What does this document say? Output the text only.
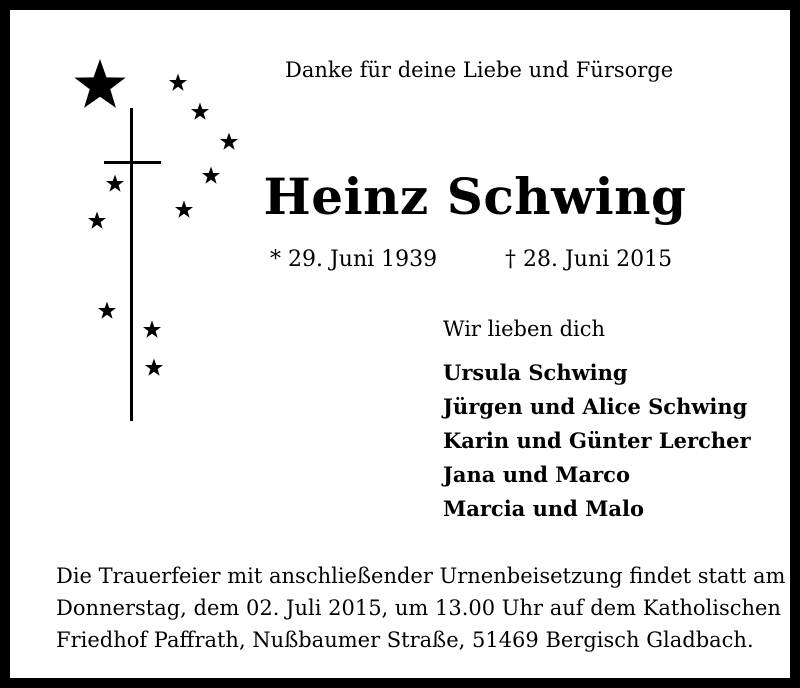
Danke für deine Liebe und Fürsorge
Heinz Schwing
* 29. Juni 1939	† 28. Juni 2015
Wir lieben dich
Ursula Schwing
Jürgen und Alice Schwing
Karin und Günter Lercher
Jana und Marco
Marcia und Malo

Die Trauerfeier mit anschließender Urnenbeisetzung findet statt am
Donnerstag, dem 02. Juli 2015, um 13.00 Uhr auf dem Katholischen
Friedhof Paffrath, Nußbaumer Straße, 51469 Bergisch Gladbach.
